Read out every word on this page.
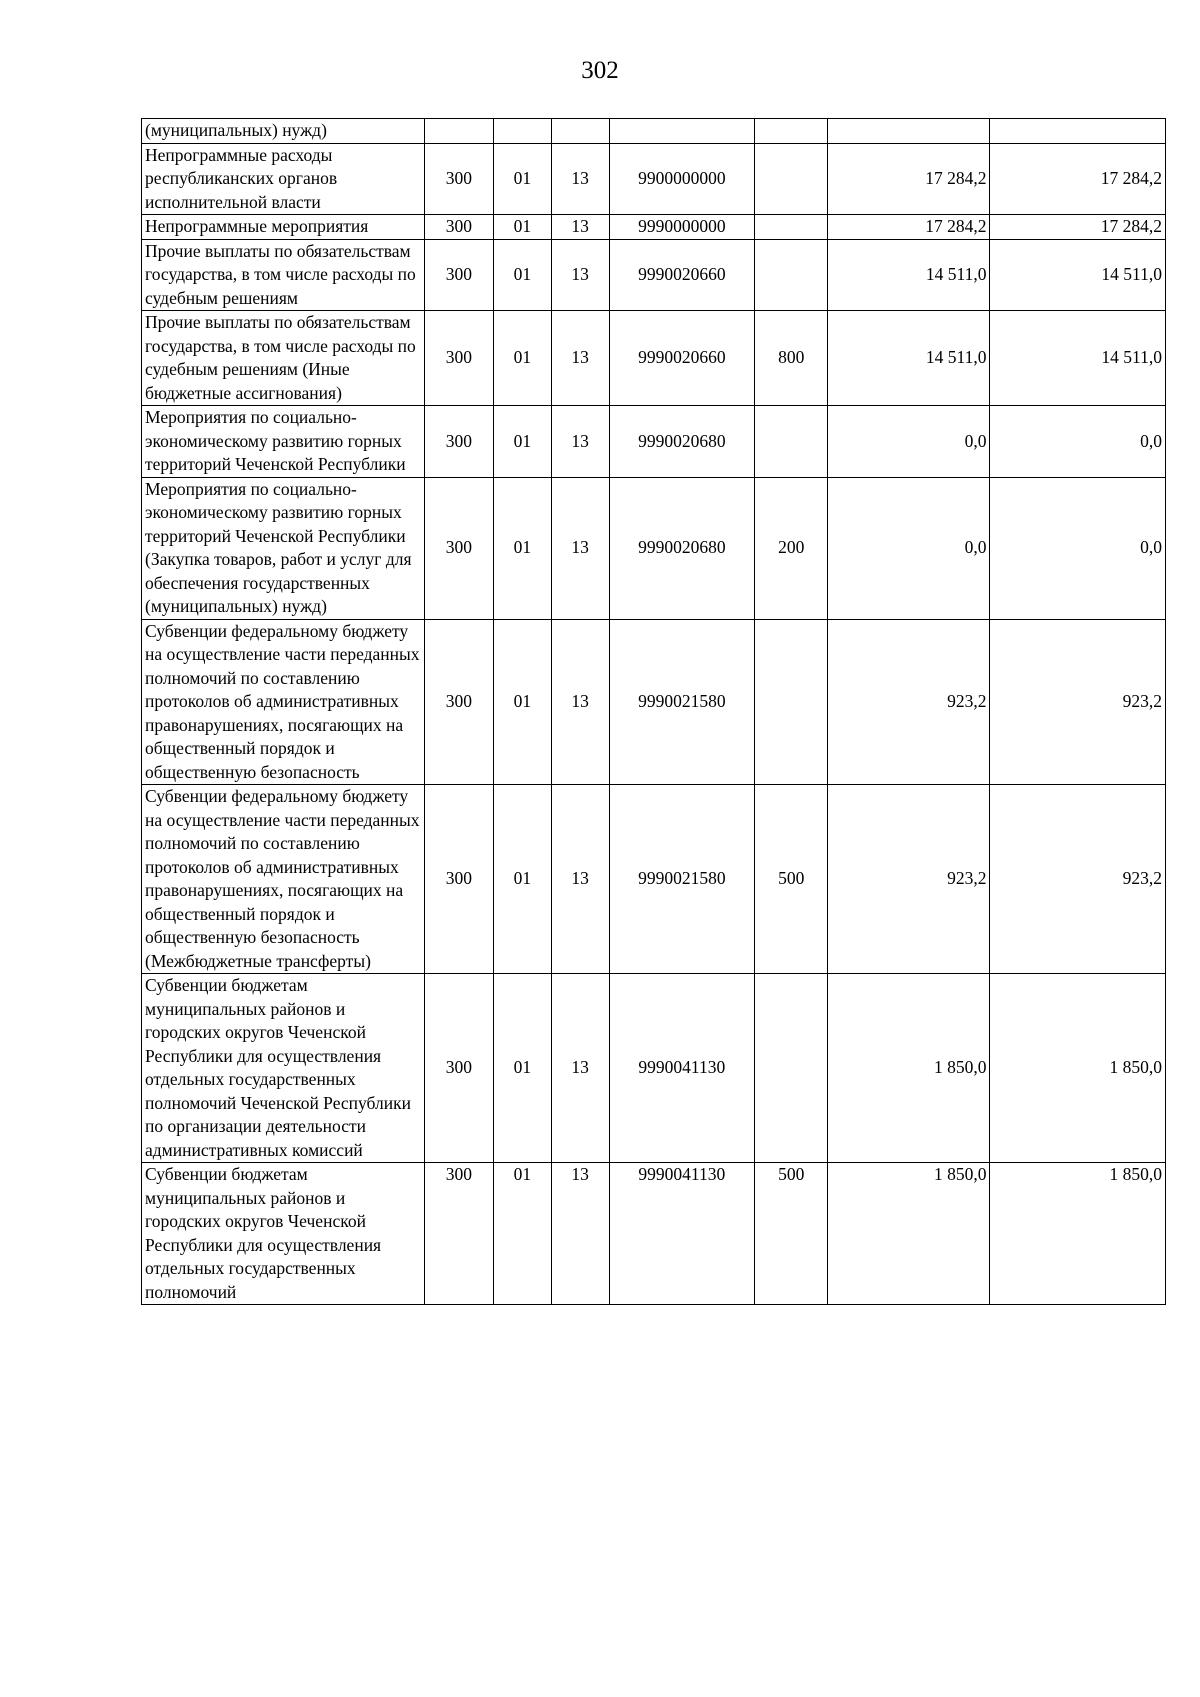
302
(муниципальных) нужд)							
Непрограммные расходы республиканских органов исполнительной власти	300	01	13	9900000000		17 284,2	17 284,2
Непрограммные мероприятия	300	01	13	9990000000		17 284,2	17 284,2
Прочие выплаты по обязательствам государства, в том числе расходы по судебным решениям	300	01	13	9990020660		14 511,0	14 511,0
Прочие выплаты по обязательствам государства, в том числе расходы по судебным решениям (Иные бюджетные ассигнования)	300	01	13	9990020660	800	14 511,0	14 511,0
Мероприятия по социально-экономическому развитию горных территорий Чеченской Республики	300	01	13	9990020680		0,0	0,0
Мероприятия по социально-экономическому развитию горных территорий Чеченской Республики (Закупка товаров, работ и услуг для обеспечения государственных (муниципальных) нужд)	300	01	13	9990020680	200	0,0	0,0
Субвенции федеральному бюджету на осуществление части переданных полномочий по составлению протоколов об административных правонарушениях, посягающих на общественный порядок и общественную безопасность	300	01	13	9990021580		923,2	923,2
Субвенции федеральному бюджету на осуществление части переданных полномочий по составлению протоколов об административных правонарушениях, посягающих на общественный порядок и общественную безопасность (Межбюджетные трансферты)	300	01	13	9990021580	500	923,2	923,2
Субвенции бюджетам муниципальных районов и городских округов Чеченской Республики для осуществления отдельных государственных полномочий Чеченской Республики по организации деятельности административных комиссий	300	01	13	9990041130		1 850,0	1 850,0
Субвенции бюджетам муниципальных районов и городских округов Чеченской Республики для осуществления отдельных государственных полномочий	300	01	13	9990041130	500	1 850,0	1 850,0
